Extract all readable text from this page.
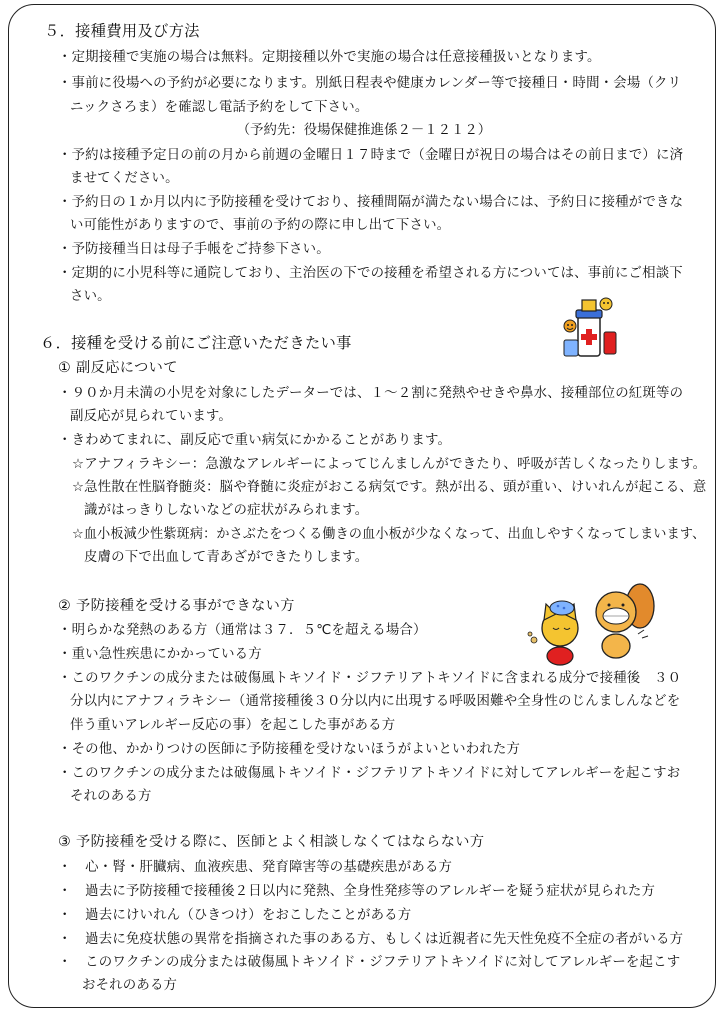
５．接種費用及び方法
・定期接種で実施の場合は無料。定期接種以外で実施の場合は任意接種扱いとなります。
・事前に役場への予約が必要になります。別紙日程表や健康カレンダー等で接種日・時間・会場（クリ
ニックさろま）を確認し電話予約をして下さい。
（予約先：役場保健推進係２－１２１２）
・予約は接種予定日の前の月から前週の金曜日１７時まで（金曜日が祝日の場合はその前日まで）に済
ませてください。
・予約日の１か月以内に予防接種を受けており、接種間隔が満たない場合には、予約日に接種ができな
い可能性がありますので、事前の予約の際に申し出て下さい。
・予防接種当日は母子手帳をご持参下さい。
・定期的に小児科等に通院しており、主治医の下での接種を希望される方については、事前にご相談下
さい。
６．接種を受ける前にご注意いただきたい事
① 副反応について
・９０か月未満の小児を対象にしたデーターでは、１～２割に発熱やせきや鼻水、接種部位の紅斑等の
副反応が見られています。
・きわめてまれに、副反応で重い病気にかかることがあります。
☆アナフィラキシー：急激なアレルギーによってじんましんができたり、呼吸が苦しくなったりします。
☆急性散在性脳脊髄炎：脳や脊髄に炎症がおこる病気です。熱が出る、頭が重い、けいれんが起こる、意
識がはっきりしないなどの症状がみられます。
☆血小板減少性紫斑病：かさぶたをつくる働きの血小板が少なくなって、出血しやすくなってしまいます、
皮膚の下で出血して青あざができたりします。
② 予防接種を受ける事ができない方
・明らかな発熱のある方（通常は３７．５℃を超える場合）
・重い急性疾患にかかっている方
・このワクチンの成分または破傷風トキソイド・ジフテリアトキソイドに含まれる成分で接種後　３０
分以内にアナフィラキシー（通常接種後３０分以内に出現する呼吸困難や全身性のじんましんなどを
伴う重いアレルギー反応の事）を起こした事がある方
・その他、かかりつけの医師に予防接種を受けないほうがよいといわれた方
・このワクチンの成分または破傷風トキソイド・ジフテリアトキソイドに対してアレルギーを起こすお
それのある方
③ 予防接種を受ける際に、医師とよく相談しなくてはならない方
・　心・腎・肝臓病、血液疾患、発育障害等の基礎疾患がある方
・　過去に予防接種で接種後２日以内に発熱、全身性発疹等のアレルギーを疑う症状が見られた方
・　過去にけいれん（ひきつけ）をおこしたことがある方
・　過去に免疫状態の異常を指摘された事のある方、もしくは近親者に先天性免疫不全症の者がいる方
・　このワクチンの成分または破傷風トキソイド・ジフテリアトキソイドに対してアレルギーを起こす
おそれのある方
